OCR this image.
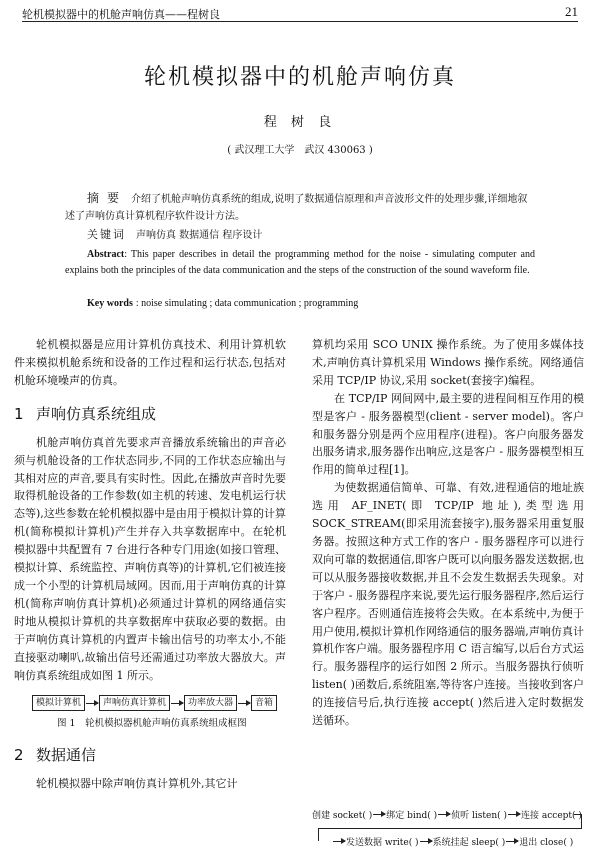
轮机模拟器中的机舱声响仿真——程树良	21
轮机模拟器中的机舱声响仿真
程 树 良
( 武汉理工大学　武汉 430063 )
摘要 介绍了机舱声响仿真系统的组成,说明了数据通信原理和声音波形文件的处理步骤,详细地叙述了声响仿真计算机程序软件设计方法。
关键词 声响仿真 数据通信 程序设计
Abstract: This paper describes in detail the programming method for the noise - simulating computer and explains both the principles of the data communication and the steps of the construction of the sound waveform file.
Key words : noise simulating ; data communication ; programming

轮机模拟器是应用计算机仿真技术、利用计算机软件来模拟机舱系统和设备的工作过程和运行状态,包括对机舱环境噪声的仿真。

1 声响仿真系统组成

机舱声响仿真首先要求声音播放系统输出的声音必须与机舱设备的工作状态同步,不同的工作状态应输出与其相对应的声音,要具有实时性。因此,在播放声音时先要取得机舱设备的工作参数(如主机的转速、发电机运行状态等),这些参数在轮机模拟器中是由用于模拟计算的计算机(简称模拟计算机)产生并存入共享数据库中。在轮机模拟器中共配置有 7 台进行各种专门用途(如接口管理、模拟计算、系统监控、声响仿真等)的计算机,它们被连接成一个小型的计算机局域网。因而,用于声响仿真的计算机(简称声响仿真计算机)必须通过计算机的网络通信实时地从模拟计算机的共享数据库中获取必要的数据。由于声响仿真计算机的内置声卡输出信号的功率太小,不能直接驱动喇叭,故输出信号还需通过功率放大器放大。声响仿真系统组成如图 1 所示。

模拟计算机	声响仿真计算机	功率放大器	音箱

图 1　轮机模拟器机舱声响仿真系统组成框图

2 数据通信

轮机模拟器中除声响仿真计算机外,其它计

算机均采用 SCO UNIX 操作系统。为了使用多媒体技术,声响仿真计算机采用 Windows 操作系统。网络通信采用 TCP/IP 协议,采用 socket(套接字)编程。

在 TCP/IP 网间网中,最主要的进程间相互作用的模型是客户 - 服务器模型(client - server model)。客户和服务器分别是两个应用程序(进程)。客户向服务器发出服务请求,服务器作出响应,这是客户 - 服务器模型相互作用的简单过程[1]。

为使数据通信简单、可靠、有效,进程通信的地址族选用 AF_INET(即 TCP/IP 地址),类型选用 SOCK_STREAM(即采用流套接字),服务器采用重复服务器。按照这种方式工作的客户 - 服务器程序可以进行双向可靠的数据通信,即客户既可以向服务器发送数据,也可以从服务器接收数据,并且不会发生数据丢失现象。对于客户 - 服务器程序来说,要先运行服务器程序,然后运行客户程序。否则通信连接将会失败。在本系统中,为便于用户使用,模拟计算机作网络通信的服务器端,声响仿真计算机作客户端。服务器程序用 C 语言编写,以后台方式运行。服务器程序的运行如图 2 所示。当服务器执行侦听 listen( )函数后,系统阻塞,等待客户连接。当接收到客户的连接信号后,执行连接 accept( )然后进入定时数据发送循环。

创建 socket( ) 绑定 bind( ) 侦听 listen( ) 连接 accept( )
发送数据 write( ) 系统挂起 sleep( ) 退出 close( )
